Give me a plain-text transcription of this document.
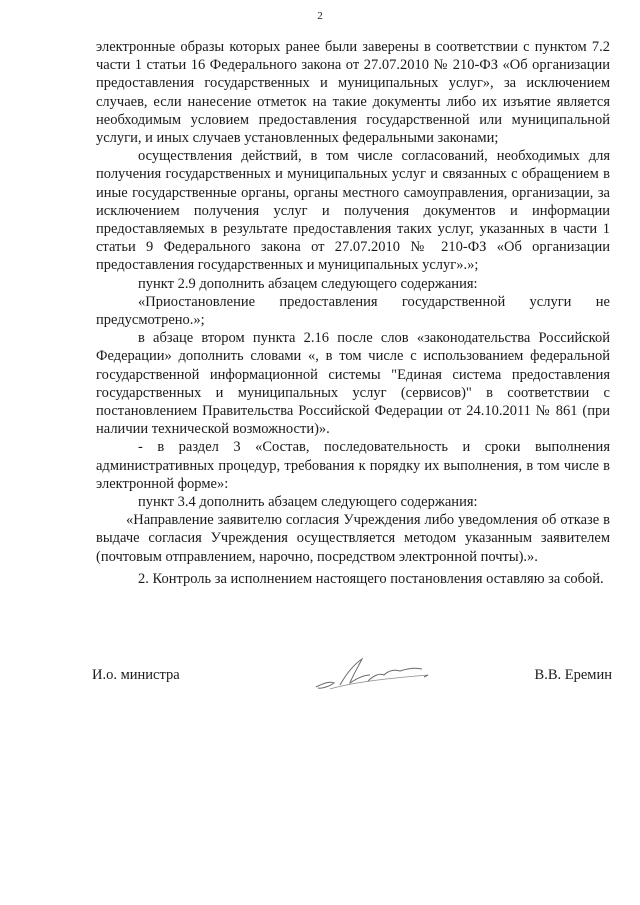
2

электронные образы которых ранее были заверены в соответствии с пунктом 7.2 части 1 статьи 16 Федерального закона от 27.07.2010 № 210-ФЗ «Об организации предоставления государственных и муниципальных услуг», за исключением случаев, если нанесение отметок на такие документы либо их изъятие является необходимым условием предоставления государственной или муниципальной услуги, и иных случаев установленных федеральными законами;

осуществления действий, в том числе согласований, необходимых для получения государственных и муниципальных услуг и связанных с обращением в иные государственные органы, органы местного самоуправления, организации, за исключением получения услуг и получения документов и информации предоставляемых в результате предоставления таких услуг, указанных в части 1 статьи 9 Федерального закона от 27.07.2010 № 210-ФЗ «Об организации предоставления государственных и муниципальных услуг».»;

пункт 2.9 дополнить абзацем следующего содержания:

«Приостановление предоставления государственной услуги не предусмотрено.»;

в абзаце втором пункта 2.16 после слов «законодательства Российской Федерации» дополнить словами «, в том числе с использованием федеральной государственной информационной системы "Единая система предоставления государственных и муниципальных услуг (сервисов)" в соответствии с постановлением Правительства Российской Федерации от 24.10.2011 № 861 (при наличии технической возможности)».

- в раздел 3 «Состав, последовательность и сроки выполнения административных процедур, требования к порядку их выполнения, в том числе в электронной форме»:

пункт 3.4 дополнить абзацем следующего содержания:

«Направление заявителю согласия Учреждения либо уведомления об отказе в выдаче согласия Учреждения осуществляется методом указанным заявителем (почтовым отправлением, нарочно, посредством электронной почты).».

2. Контроль за исполнением настоящего постановления оставляю за собой.

И.о. министра	В.В. Еремин
